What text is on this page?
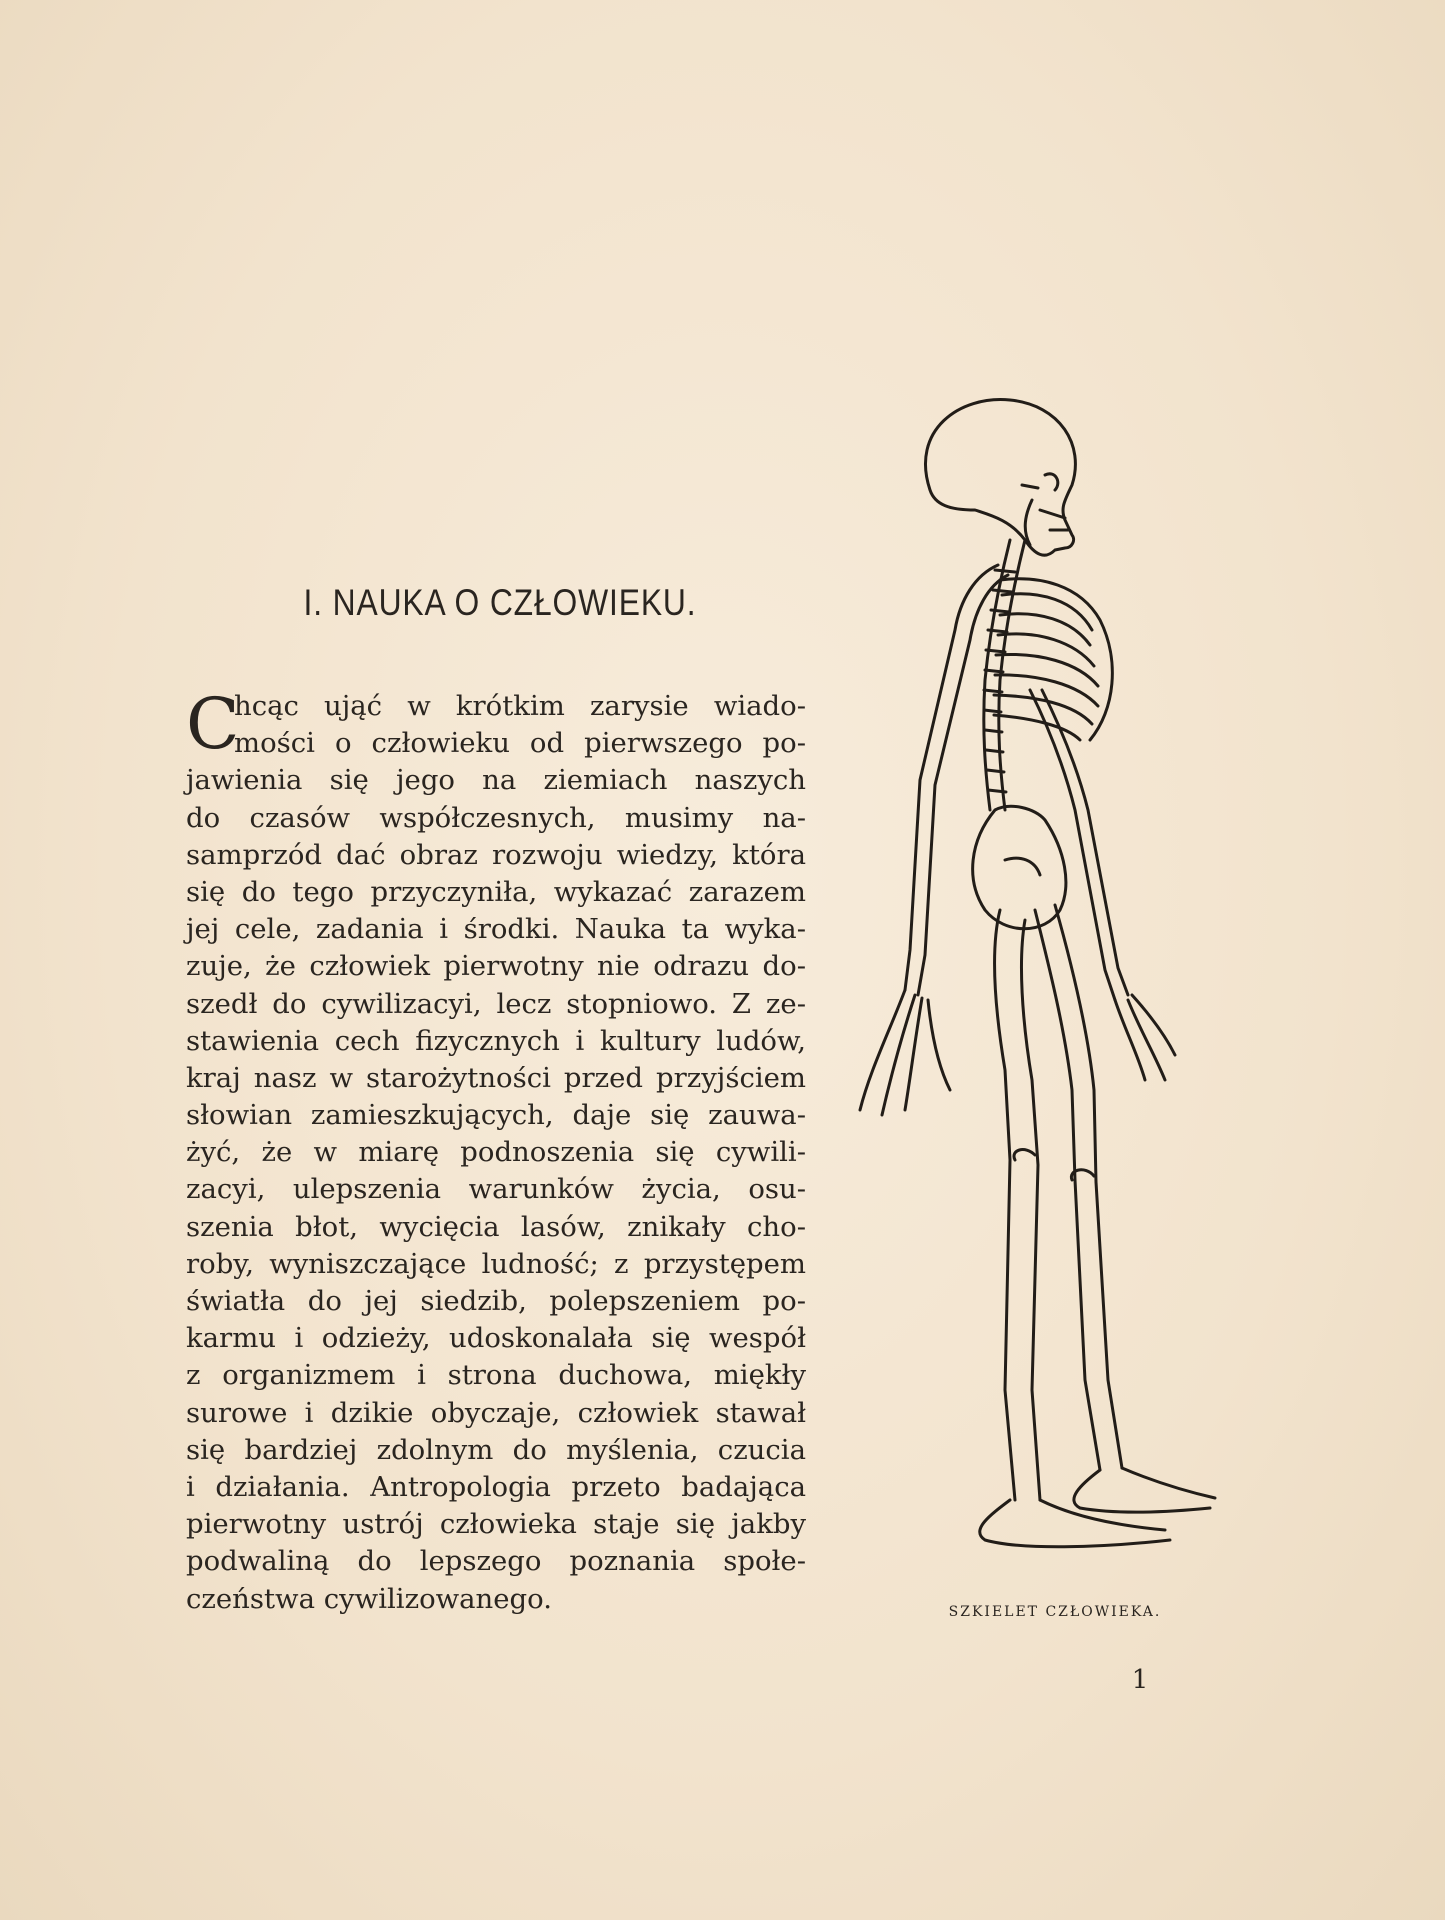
I. NAUKA O CZŁOWIEKU.
C
hcąc ująć w krótkim zarysie wiado-
mości o człowieku od pierwszego po-
jawienia się jego na ziemiach naszych
do czasów współczesnych, musimy na-
samprzód dać obraz rozwoju wiedzy, która
się do tego przyczyniła, wykazać zarazem
jej cele, zadania i środki. Nauka ta wyka-
zuje, że człowiek pierwotny nie odrazu do-
szedł do cywilizacyi, lecz stopniowo. Z ze-
stawienia cech fizycznych i kultury ludów,
kraj nasz w starożytności przed przyjściem
słowian zamieszkujących, daje się zauwa-
żyć, że w miarę podnoszenia się cywili-
zacyi, ulepszenia warunków życia, osu-
szenia błot, wycięcia lasów, znikały cho-
roby, wyniszczające ludność; z przystępem
światła do jej siedzib, polepszeniem po-
karmu i odzieży, udoskonalała się wespół
z organizmem i strona duchowa, miękły
surowe i dzikie obyczaje, człowiek stawał
się bardziej zdolnym do myślenia, czucia
i działania. Antropologia przeto badająca
pierwotny ustrój człowieka staje się jakby
podwaliną do lepszego poznania społe-
czeństwa cywilizowanego.	SZKIELET CZŁOWIEKA.
1
